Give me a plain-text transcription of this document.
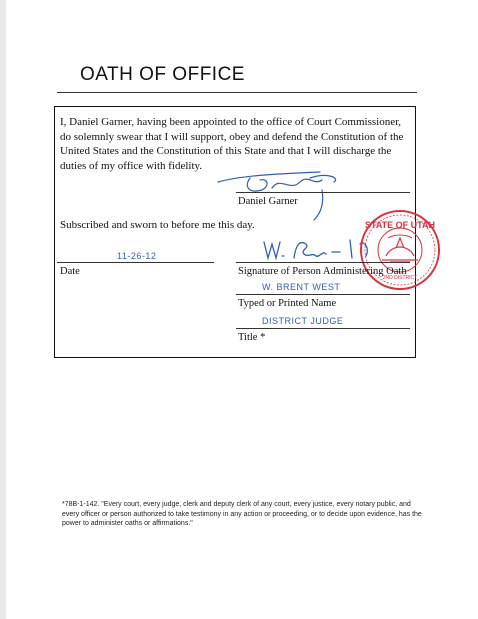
OATH OF OFFICE
I, Daniel Garner, having been appointed to the office of Court Commissioner, do solemnly swear that I will support, obey and defend the Constitution of the United States and the Constitution of this State and that I will discharge the duties of my office with fidelity.
Daniel Garner
Subscribed and sworn to before me this day.
11-26-12
Date
STATE OF UTAH
2ND DISTRICT
Signature of Person Administering Oath
W. BRENT WEST
Typed or Printed Name
DISTRICT JUDGE
Title *
*78B-1-142. "Every court, every judge, clerk and deputy clerk of any court, every justice, every notary public, and every officer or person authorized to take testimony in any action or proceeding, or to decide upon evidence, has the power to administer oaths or affirmations."
